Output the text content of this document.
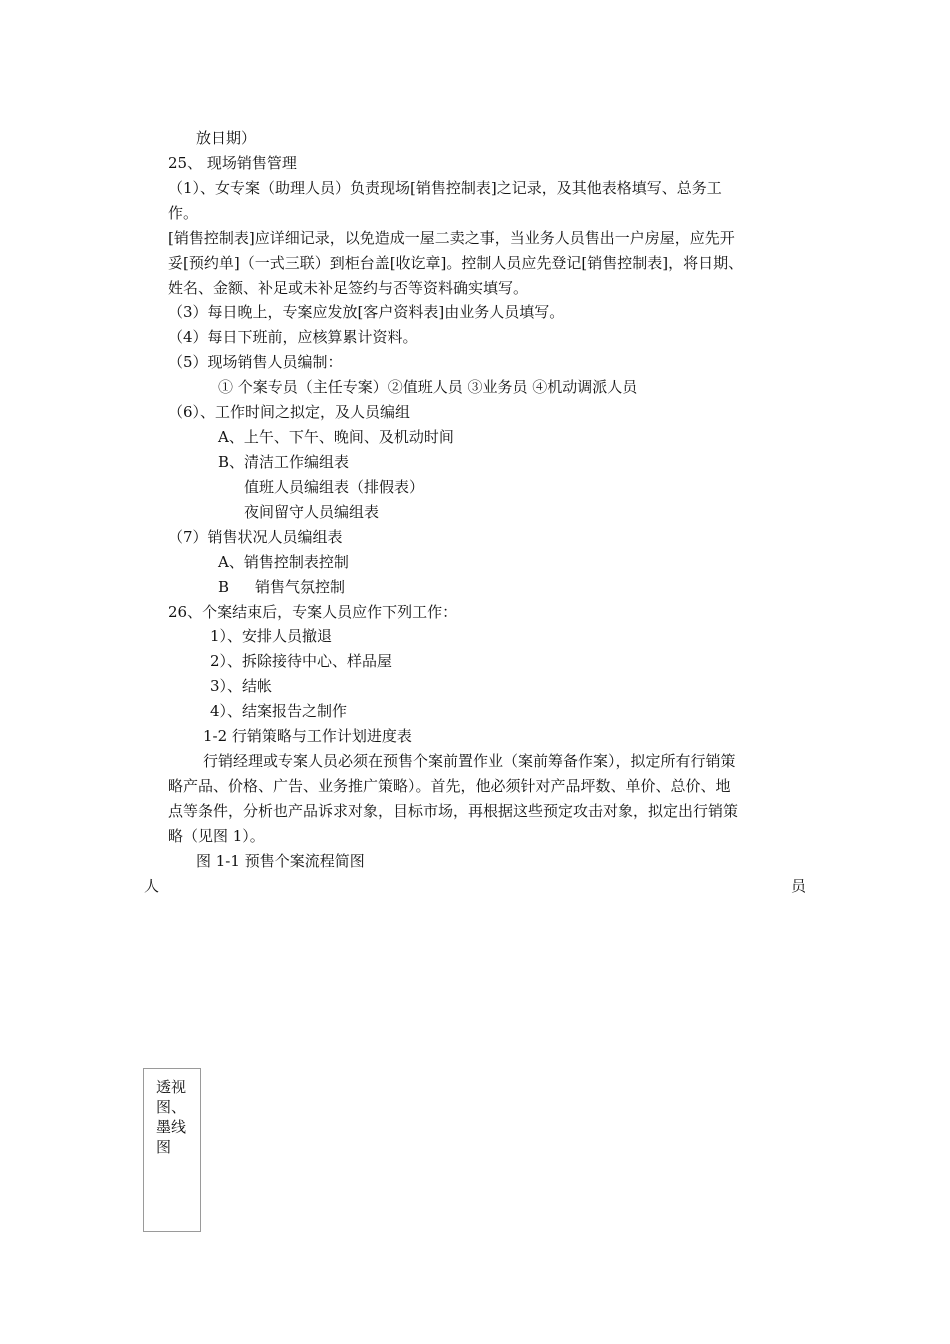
放日期）
25、 现场销售管理
（1）、女专案（助理人员）负责现场[销售控制表]之记录，及其他表格填写、总务工
作。
[销售控制表]应详细记录，以免造成一屋二卖之事，当业务人员售出一户房屋，应先开
妥[预约单]（一式三联）到柜台盖[收讫章]。控制人员应先登记[销售控制表]，将日期、
姓名、金额、补足或未补足签约与否等资料确实填写。
（3）每日晚上，专案应发放[客户资料表]由业务人员填写。
（4）每日下班前，应核算累计资料。
（5）现场销售人员编制：
① 个案专员（主任专案）②值班人员 ③业务员 ④机动调派人员
（6）、工作时间之拟定，及人员编组
A、上午、下午、晚间、及机动时间
B、清洁工作编组表
值班人员编组表（排假表）
夜间留守人员编组表
（7）销售状况人员编组表
A、销售控制表控制
B 销售气氛控制
26、个案结束后，专案人员应作下列工作：
1）、安排人员撤退
2）、拆除接待中心、样品屋
3）、结帐
4）、结案报告之制作
1-2 行销策略与工作计划进度表
行销经理或专案人员必须在预售个案前置作业（案前筹备作案），拟定所有行销策
略产品、价格、广告、业务推广策略）。首先，他必须针对产品坪数、单价、总价、地
点等条件，分析也产品诉求对象，目标市场，再根据这些预定攻击对象，拟定出行销策
略（见图 1）。
图 1-1 预售个案流程简图
人	员
透视图、墨线图
